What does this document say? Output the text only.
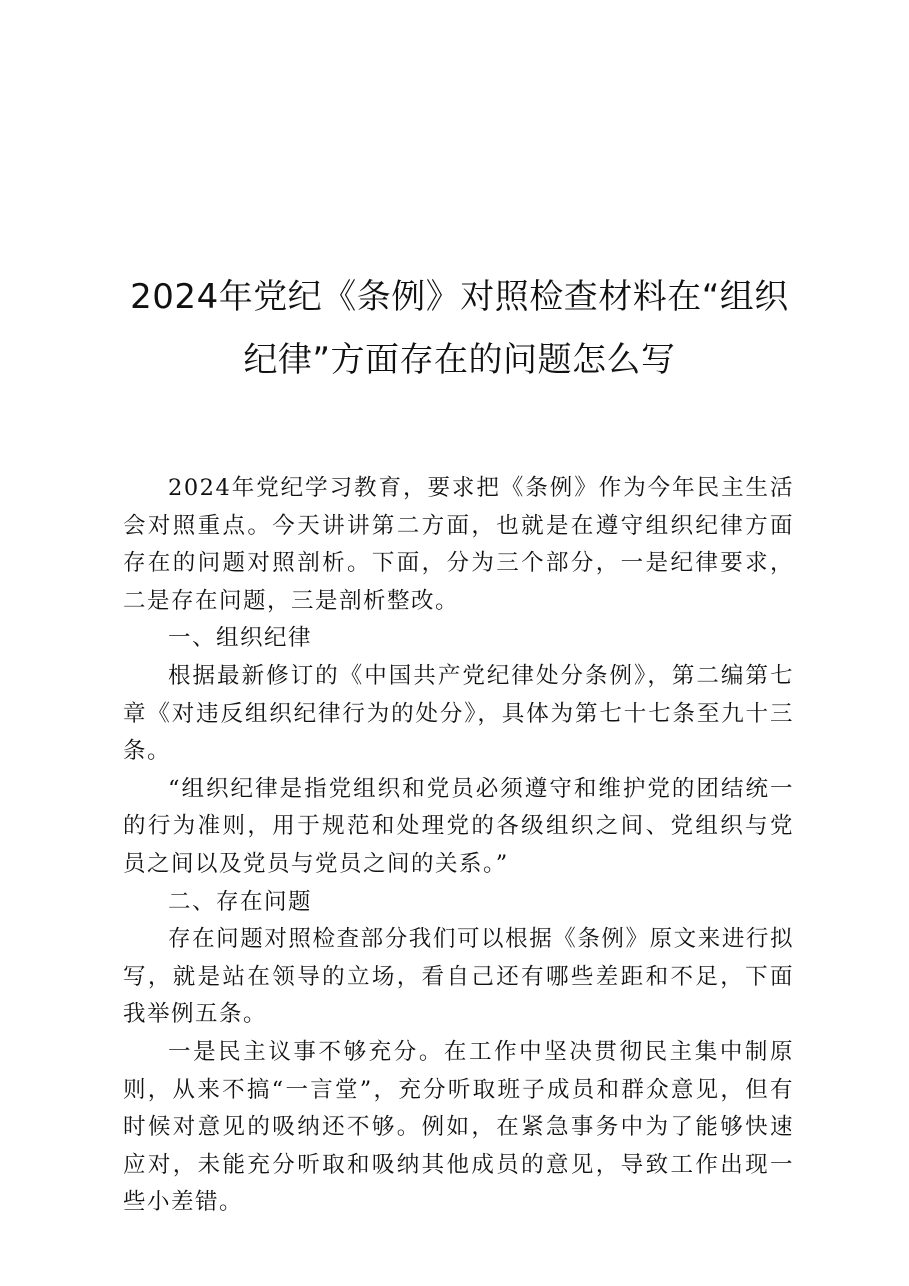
2024年党纪《条例》对照检查材料在“组织
纪律”方面存在的问题怎么写

2024年党纪学习教育，要求把《条例》作为今年民主生活会对照重点。今天讲讲第二方面，也就是在遵守组织纪律方面存在的问题对照剖析。下面，分为三个部分，一是纪律要求，二是存在问题，三是剖析整改。

一、组织纪律

根据最新修订的《中国共产党纪律处分条例》，第二编第七章《对违反组织纪律行为的处分》，具体为第七十七条至九十三条。

“组织纪律是指党组织和党员必须遵守和维护党的团结统一的行为准则，用于规范和处理党的各级组织之间、党组织与党员之间以及党员与党员之间的关系。”

二、存在问题

存在问题对照检查部分我们可以根据《条例》原文来进行拟写，就是站在领导的立场，看自己还有哪些差距和不足，下面我举例五条。

一是民主议事不够充分。在工作中坚决贯彻民主集中制原则，从来不搞“一言堂”，充分听取班子成员和群众意见，但有时候对意见的吸纳还不够。例如，在紧急事务中为了能够快速应对，未能充分听取和吸纳其他成员的意见，导致工作出现一些小差错。
